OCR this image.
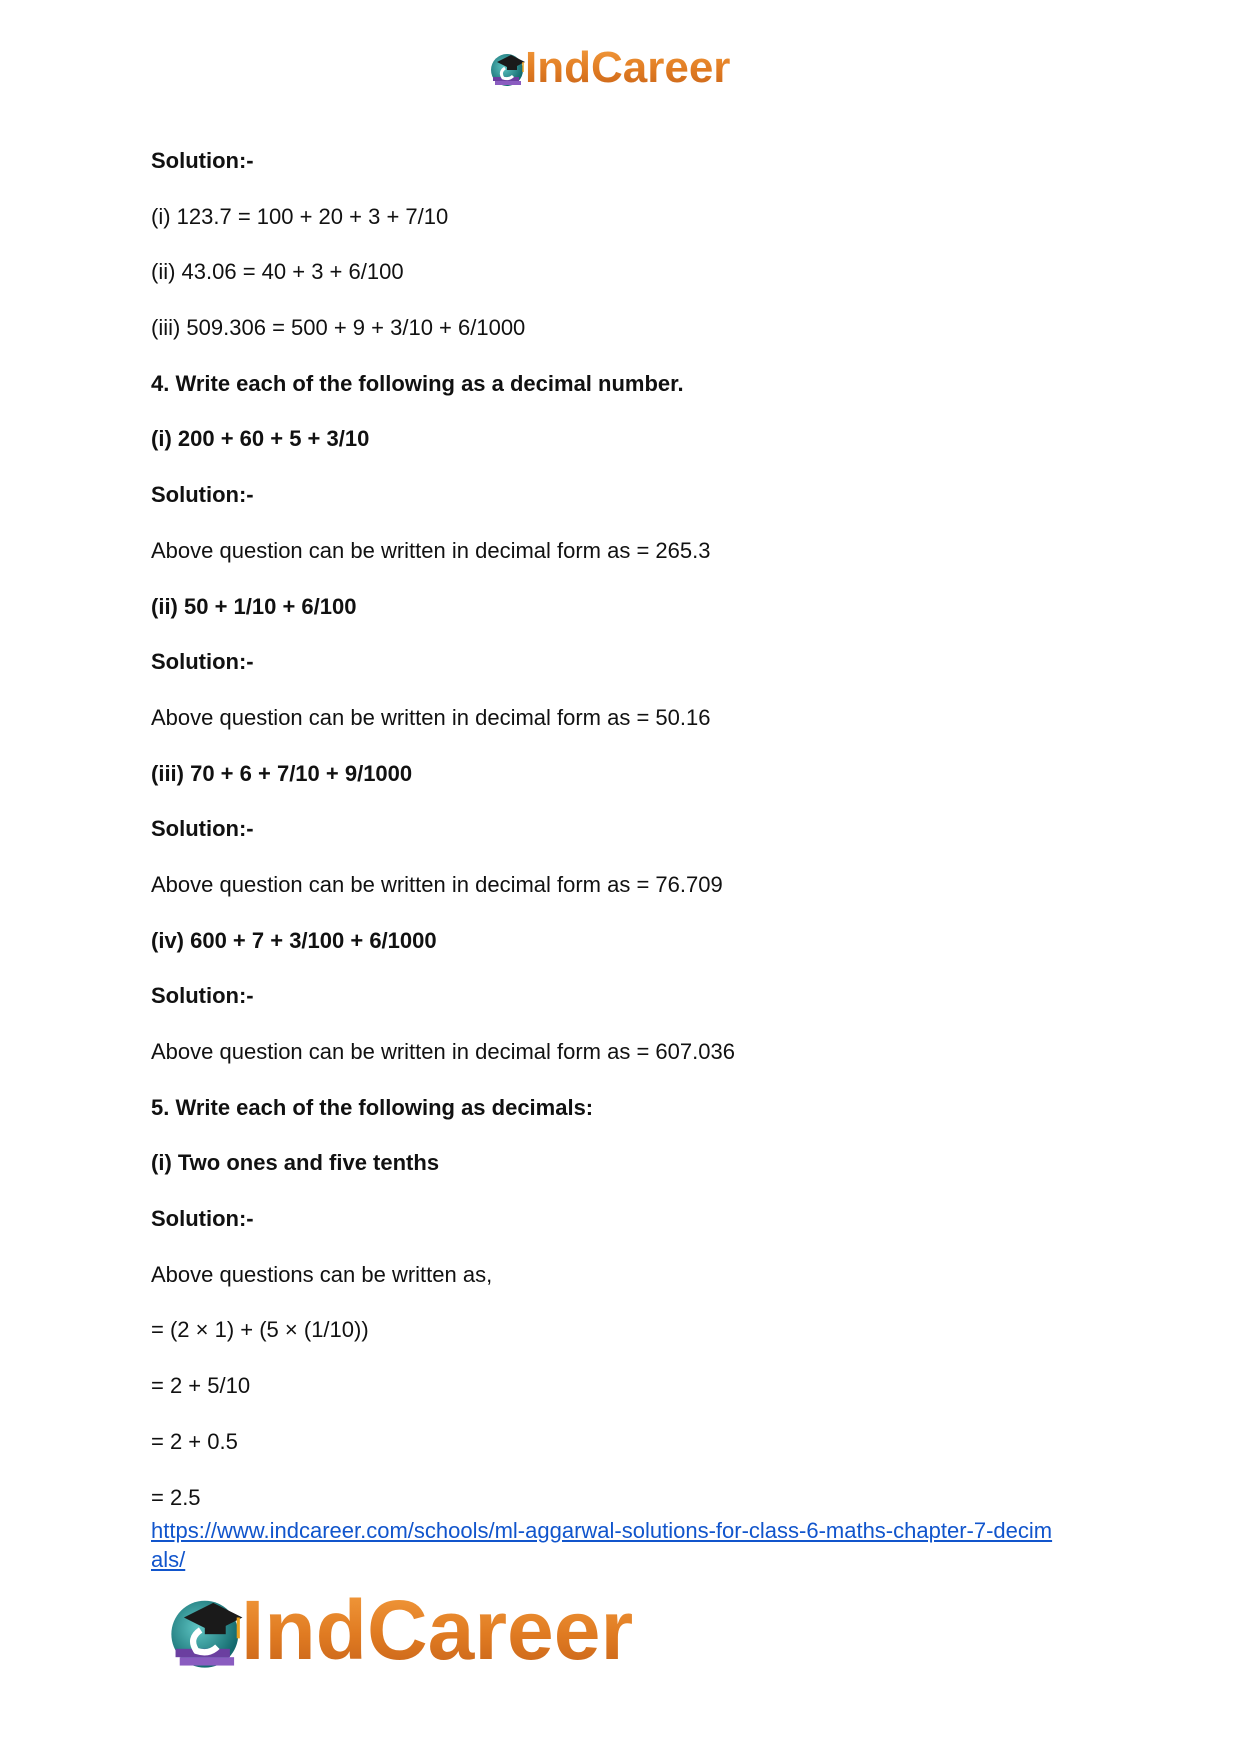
IndCareer
Solution:-
(i) 123.7 = 100 + 20 + 3 + 7/10
(ii) 43.06 = 40 + 3 + 6/100
(iii) 509.306 = 500 + 9 + 3/10 + 6/1000
4. Write each of the following as a decimal number.
(i) 200 + 60 + 5 + 3/10
Solution:-
Above question can be written in decimal form as = 265.3
(ii) 50 + 1/10 + 6/100
Solution:-
Above question can be written in decimal form as = 50.16
(iii) 70 + 6 + 7/10 + 9/1000
Solution:-
Above question can be written in decimal form as = 76.709
(iv) 600 + 7 + 3/100 + 6/1000
Solution:-
Above question can be written in decimal form as = 607.036
5. Write each of the following as decimals:
(i) Two ones and five tenths
Solution:-
Above questions can be written as,
= (2 × 1) + (5 × (1/10))
= 2 + 5/10
= 2 + 0.5
= 2.5
https://www.indcareer.com/schools/ml-aggarwal-solutions-for-class-6-maths-chapter-7-decim
als/
IndCareer
